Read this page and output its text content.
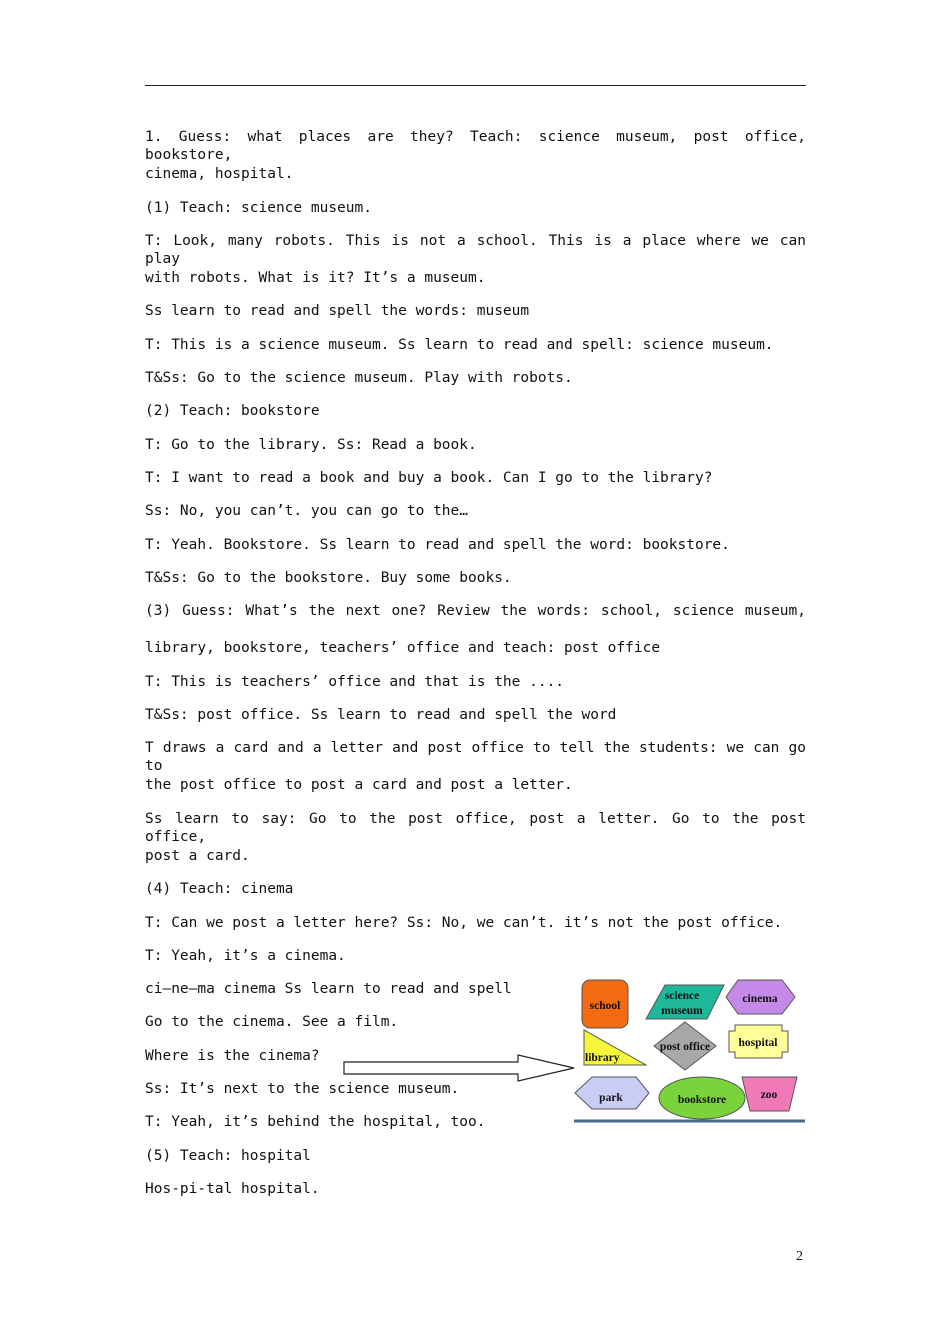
1. Guess: what places are they? Teach: science museum, post office, bookstore,
cinema, hospital.
(1) Teach: science museum.
T: Look, many robots. This is not a school. This is a place where we can play
with robots. What is it? It’s a museum.
Ss learn to read and spell the words: museum
T: This is a science museum. Ss learn to read and spell: science museum.
T&Ss: Go to the science museum. Play with robots.
(2) Teach: bookstore
T: Go to the library. Ss: Read a book.
T: I want to read a book and buy a book. Can I go to the library?
Ss: No, you can’t. you can go to the…
T: Yeah. Bookstore. Ss learn to read and spell the word: bookstore.
T&Ss: Go to the bookstore. Buy some books.
(3) Guess: What’s the next one? Review the words: school, science museum,
library, bookstore, teachers’ office and teach: post office
T: This is teachers’ office and that is the ....
T&Ss: post office. Ss learn to read and spell the word
T draws a card and a letter and post office to tell the students: we can go to
the post office to post a card and post a letter.
Ss learn to say: Go to the post office, post a letter. Go to the post office,
post a card.
(4) Teach: cinema
T: Can we post a letter here? Ss: No, we can’t. it’s not the post office.
T: Yeah, it’s a cinema.
ci—ne—ma cinema Ss learn to read and spell
Go to the cinema. See a film.
Where is the cinema?
Ss: It’s next to the science museum.
T: Yeah, it’s behind the hospital, too.
(5) Teach: hospital
Hos-pi-tal hospital.
school
science
museum
cinema
library
post office hospital
park	bookstore	zoo
2
